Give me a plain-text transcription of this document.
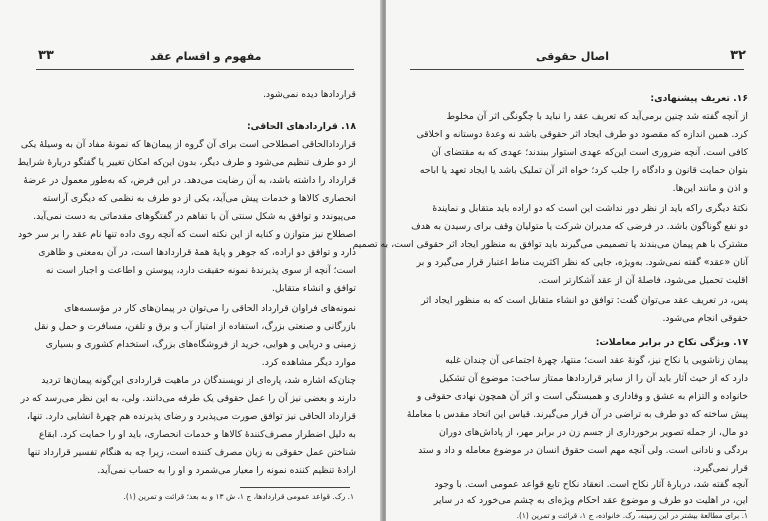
۳۳	مفهوم و اقسام عقد
قراردادها دیده نمی‌شود.
۱۸. قراردادهای الحاقی:
قراردادالحاقی اصطلاحی است برای آن گروه از پیمان‌ها که نمونهٔ مفاد آن به وسیلهٔ یکی
از دو طرف تنظیم می‌شود و طرف دیگر، بدون این‌که امکان تغییر یا گفتگو دربارهٔ شرایط
قرارداد را داشته باشد، به آن رضایت می‌دهد. در این فرض، که به‌طور معمول در عرضهٔ
انحصاری کالاها و خدمات پیش می‌آید، یکی از دو طرف به نظمی که دیگری آراسته
می‌پیوندد و توافق به شکل سنتی آن با تفاهم در گفتگوهای مقدماتی به دست نمی‌آید.
اصطلاح نیز متوازن و کنایه از این نکته است که آنچه روی داده تنها نام عقد را بر سر خود
دارد و توافق دو اراده، که جوهر و پایهٔ همهٔ قراردادها است، در آن به‌معنی و ظاهری
است؛ آنچه از سوی پذیرندهٔ نمونه حقیقت دارد، پیوستن و اطاعت و اجبار است نه
توافق و انشاء متقابل.
نمونه‌های فراوان قرارداد الحاقی را می‌توان در پیمان‌های کار در مؤسسه‌های
بازرگانی و صنعتی بزرگ، استفاده از امتیاز آب و برق و تلفن، مسافرت و حمل و نقل
زمینی و دریایی و هوایی، خرید از فروشگاه‌های بزرگ، استخدام کشوری و بسیاری
موارد دیگر مشاهده کرد.
چنان‌که اشاره شد، پاره‌ای از نویسندگان در ماهیت قراردادی این‌گونه پیمان‌ها تردید
دارند و بعضی نیز آن را عمل حقوقی یک طرفه می‌دانند. ولی، به این نظر می‌رسد که در
قرارداد الحاقی نیز توافق صورت می‌پذیرد و رضای پذیرنده هم چهرهٔ انشایی دارد. تنها،
به دلیل اضطرار مصرف‌کنندهٔ کالاها و خدمات انحصاری، باید او را حمایت کرد. ابقاع
شناختن عمل حقوقی به زیان مصرف کننده است، زیرا چه به هنگام تفسیر قرارداد تنها
ارادهٔ تنظیم کننده نمونه را معیار می‌شمرد و او را به حساب نمی‌آید.
۱. رک. قواعد عمومی قراردادها، ج ۱، ش ۱۳ و به بعد؛ قرائت و تمرین (۱).
۳۲
اصال حقوقی
۱۶. تعریف پیشنهادی:
از آنچه گفته شد چنین برمی‌آید که تعریف عقد را نباید با چگونگی اثر آن مخلوط
کرد. همین اندازه که مقصود دو طرف ایجاد اثر حقوقی باشد نه وعدهٔ دوستانه و اخلاقی
کافی است. آنچه ضروری است این‌که عهدی استوار ببندند؛ عهدی که به مقتضای آن
بتوان حمایت قانون و دادگاه را جلب کرد؛ خواه اثر آن تملیک باشد یا ایجاد تعهد یا اباحه
و اذن و مانند این‌ها.
نکتهٔ دیگری راکه باید از نظر دور نداشت این است که دو اراده باید متقابل و نمایندهٔ
دو نفع گوناگون باشد. در فرضی که مدیران شرکت یا متولیان وقف برای رسیدن به هدف
مشترک با هم پیمان می‌بندند یا تصمیمی می‌گیرند باید توافق به منظور ایجاد اثر حقوقی است، به تصمیم
آنان «عقد» گفته نمی‌شود. به‌ویژه، جایی که نظر اکثریت مناط اعتبار قرار می‌گیرد و بر
اقلیت تحمیل می‌شود، فاصلهٔ آن از عقد آشکارتر است.
پس، در تعریف عقد می‌توان گفت: توافق دو انشاء متقابل است که به منظور ایجاد اثر
حقوقی انجام می‌شود.
۱۷. ویژگی نکاح در برابر معاملات:
پیمان زناشویی یا نکاح نیز، گونهٔ عقد است؛ منتها، چهرهٔ اجتماعی آن چندان غلبه
دارد که از حیث آثار باید آن را از سایر قراردادها ممتاز ساخت: موضوع آن تشکیل
خانواده و التزام به عشق و وفاداری و همبستگی است و اثر آن همچون نهادی حقوقی و
پیش ساخته که دو طرف به تراضی در آن قرار می‌گیرند. قیاس این اتحاد مقدس با معاملهٔ
دو مال، از جمله تصویر برخورداری از جسم زن در برابر مهر، از پاداش‌های دوران
بردگی و نادانی است. ولی آنچه مهم است حقوق انسان در موضوع معامله و داد و ستد
قرار نمی‌گیرد.
آنچه گفته شد، دربارهٔ آثار نکاح است. انعقاد نکاح تابع قواعد عمومی است. با وجود
این، در اهلیت دو طرف و موضوع عقد احکام ویژه‌ای به چشم می‌خورد که در سایر
۱. برای مطالعهٔ بیشتر در این زمینه، رک. خانواده، ج ۱، قرائت و تمرین (۱).
